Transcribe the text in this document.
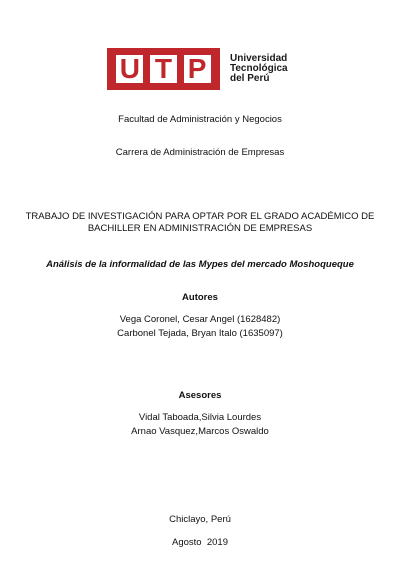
U T P	Universidad
Tecnológica
del Perú
Facultad de Administración y Negocios
Carrera de Administración de Empresas
TRABAJO DE INVESTIGACIÓN PARA OPTAR POR EL GRADO ACADÉMICO DE
BACHILLER EN ADMINISTRACIÓN DE EMPRESAS
Análisis de la informalidad de las Mypes del mercado Moshoqueque
Autores
Vega Coronel, Cesar Angel (1628482)
Carbonel Tejada, Bryan Italo (1635097)
Asesores
Vidal Taboada,Silvia Lourdes
Arnao Vasquez,Marcos Oswaldo
Chiclayo, Perú
Agosto  2019
